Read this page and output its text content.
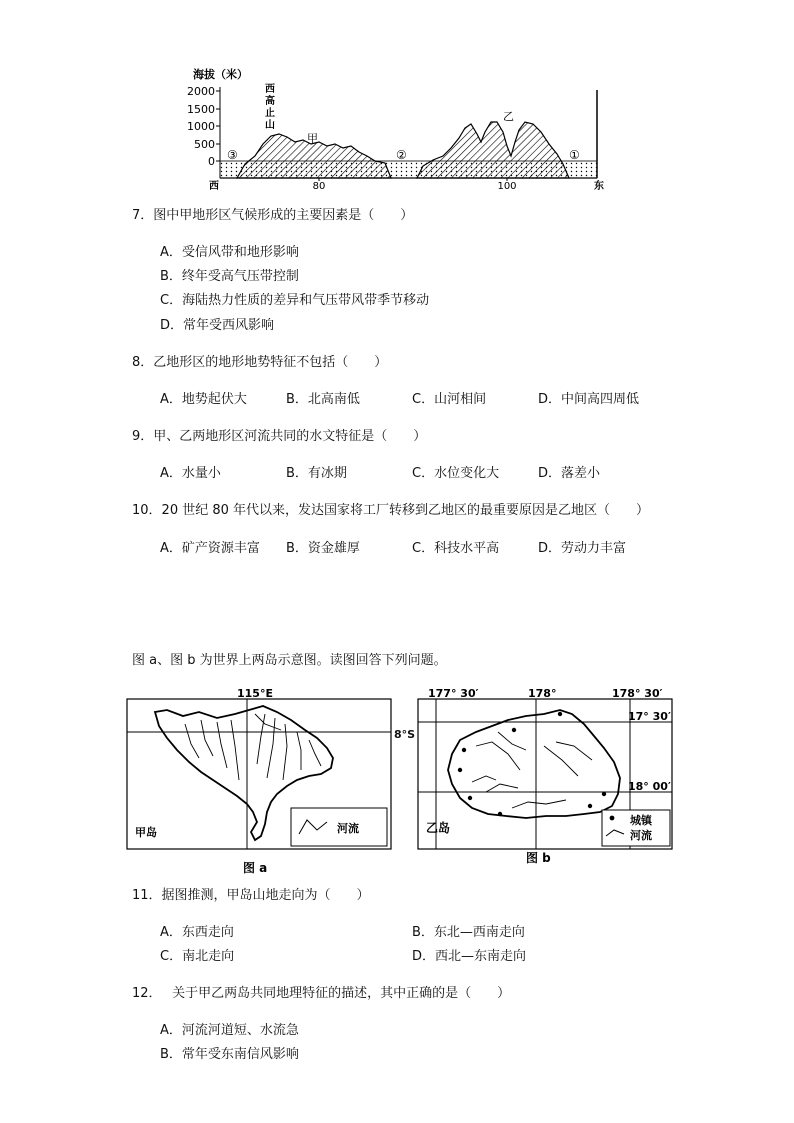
海拔（米）
2000
1500
1000
500
0
西
高
止
山
甲
乙
③	②	①
西	80	100	东
7．图中甲地形区气候形成的主要因素是（　　）
A．受信风带和地形影响
B．终年受高气压带控制
C．海陆热力性质的差异和气压带风带季节移动
D．常年受西风影响
8．乙地形区的地形地势特征不包括（　　）
A．地势起伏大	B．北高南低	C．山河相间	D．中间高四周低
9．甲、乙两地形区河流共同的水文特征是（　　）
A．水量小	B．有冰期	C．水位变化大	D．落差小
10．20 世纪 80 年代以来，发达国家将工厂转移到乙地区的最重要原因是乙地区（　　）
A．矿产资源丰富 B．资金雄厚	C．科技水平高	D．劳动力丰富
图 a、图 b 为世界上两岛示意图。读图回答下列问题。
115°E
河流
甲岛
图 a
8°S
177° 30′	178°	178° 30′
17° 30′
18° 00′
城镇
河流
乙岛
图 b
11．据图推测，甲岛山地走向为（　　）
A．东西走向	B．东北—西南走向
C．南北走向	D．西北—东南走向
12．　 关于甲乙两岛共同地理特征的描述，其中正确的是（　　）
A．河流河道短、水流急
B．常年受东南信风影响
